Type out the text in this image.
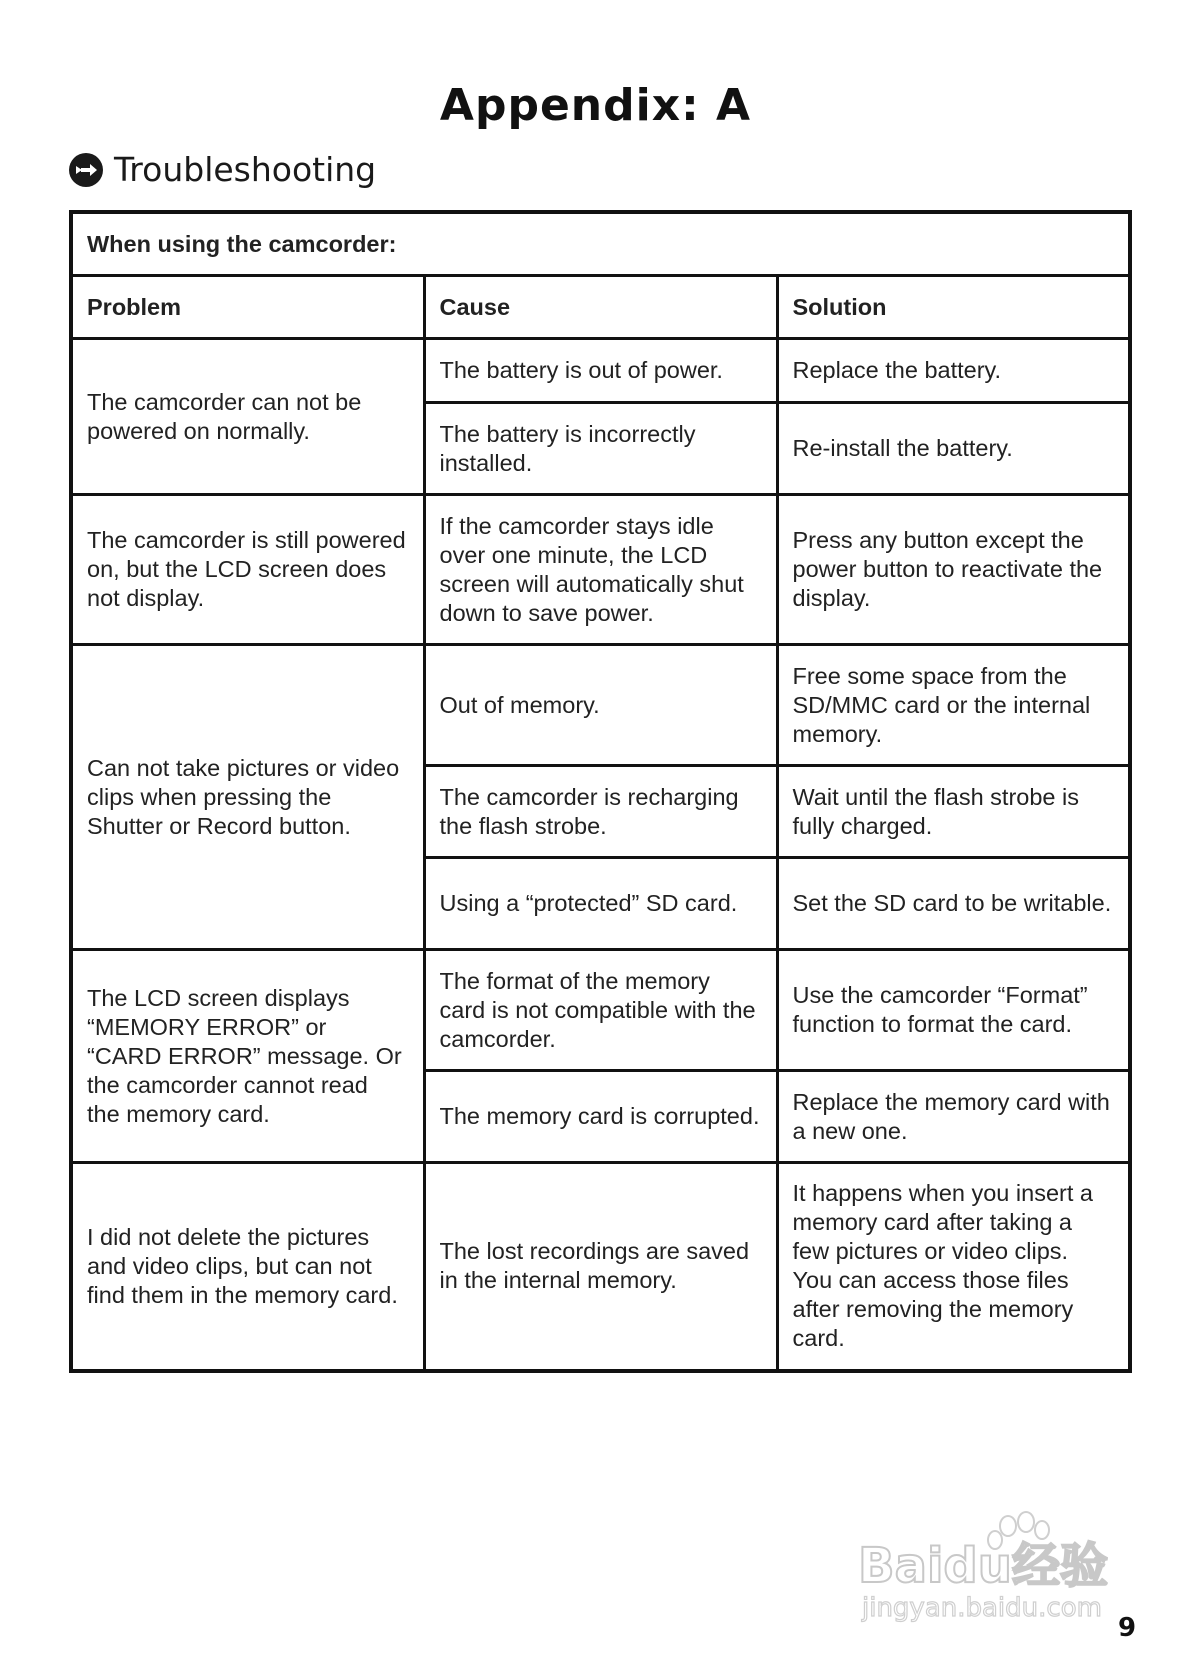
Appendix: A
Troubleshooting
When using the camcorder:		
Problem	Cause	Solution
The camcorder can not be powered on normally.	The battery is out of power.	Replace the battery.
	The battery is incorrectly installed.	Re-install the battery.
The camcorder is still powered on, but the LCD screen does not display.	If the camcorder stays idle over one minute, the LCD screen will automatically shut down to save power.	Press any button except the power button to reactivate the display.
Can not take pictures or video clips when pressing the Shutter or Record button.	Out of memory.	Free some space from the SD/MMC card or the internal memory.
	The camcorder is recharging the flash strobe.	Wait until the flash strobe is fully charged.
	Using a “protected” SD card.	Set the SD card to be writable.
The LCD screen displays “MEMORY ERROR” or “CARD ERROR” message. Or the camcorder cannot read the memory card.	The format of the memory card is not compatible with the camcorder.	Use the camcorder “Format” function to format the card.
	The memory card is corrupted.	Replace the memory card with a new one.
I did not delete the pictures and video clips, but can not find them in the memory card.	The lost recordings are saved in the internal memory.	It happens when you insert a memory card after taking a few pictures or video clips. You can access those files after removing the memory card.
Baidu经验
jingyan.baidu.com
9
